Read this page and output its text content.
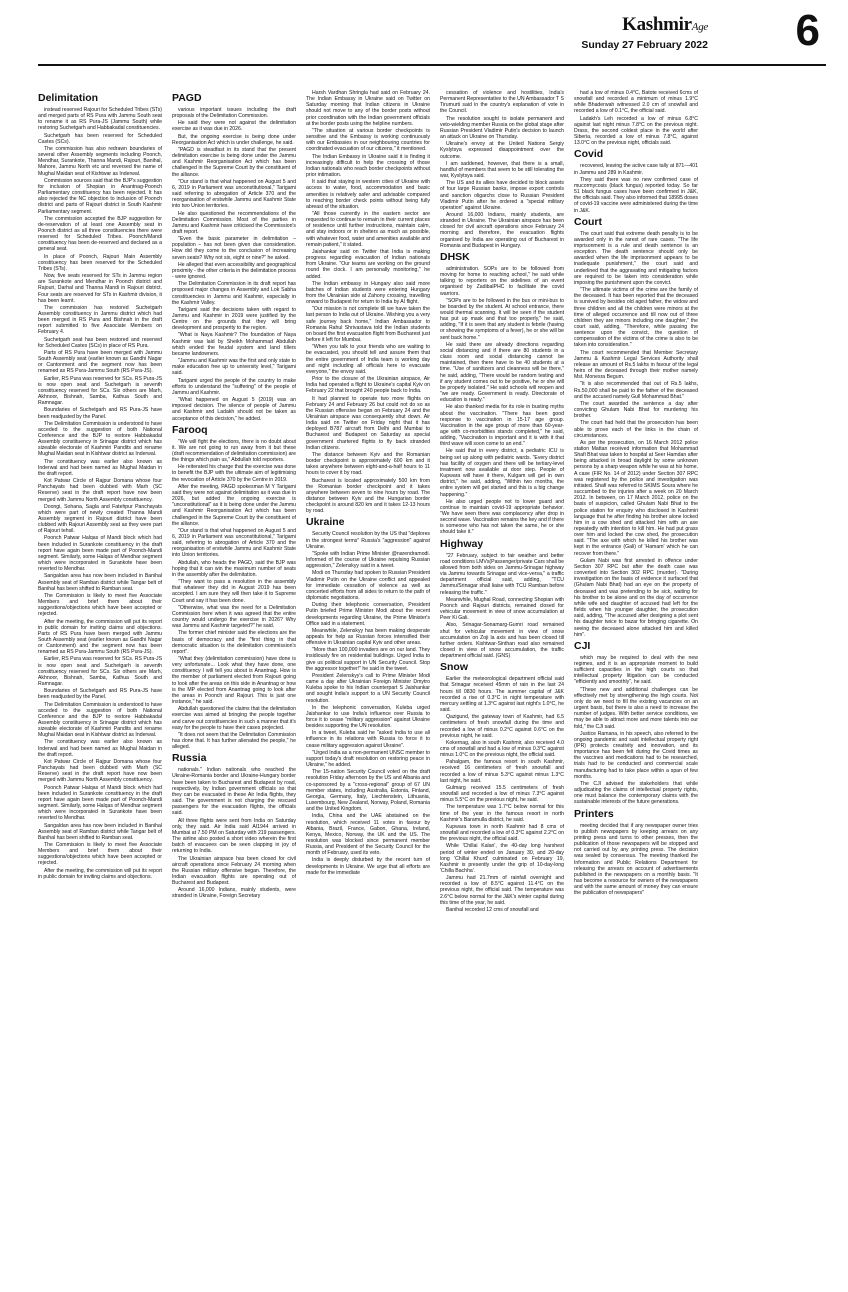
KashmirAge
Sunday 27 February 2022 6
Delimitation

instead reserved Rajouri for Scheduled Tribes (STs) and merged parts of RS Pura with Jammu South seat to rename it as RS Pura-JS (Jammu South) while restoring Suchetgarh and Habbakadal constituencies.

Suchetgarh has been reserved for Scheduled Castes (SCs).

The commission has also redrawn boundaries of several other Assembly segments including Poonch, Mendhar, Surankote, Thanna Mandi, Rajouri, Banihal, Mahore, Jammu North etc and reversed the name of Mughal Maidan seat of Kishtwar as Inderwal.

Commission sources said that the BJP's suggestion for inclusion of Shopian in Anantnag-Poonch Parliamentary constituency has been rejected. It has also rejected the NC objection to inclusion of Poonch district and parts of Rajouri district in South Kashmir Parliamentary segment.

The commission accepted the BJP suggestion for de-reservation of at least one Assembly seat in Poonch district as all three constituencies there were reserved for Scheduled Tribes. Poonch/Mandi constituency has been de-reserved and declared as a general seat.

In place of Poonch, Rajouri Main Assembly constituency has been reserved for the Scheduled Tribes (STs).

Now, five seats reserved for STs in Jammu region are Surankote and Mendhar in Poonch district and Rajouri, Darhal and Thanna Mandi in Rajouri district. Four seats are reserved for STs in Kashmir division, it has been learnt.

The commission has restored Suchetgarh Assembly constituency in Jammu district which had been merged in RS Pura and Bishnah in the draft report submitted to five Associate Members on February 4.

Suchetgarh seat has been restored and reserved for Scheduled Castes (SCs) in place of RS Pura.

Parts of RS Pura have been merged with Jammu South Assembly seat (earlier known as Gandhi Nagar or Cantonment and the segment now has been renamed as RS Pura-Jammu South (RS Pura-JS).

Earlier, RS Pura was reserved for SCs. RS Pura-JS is now open seat and Suchetgarh is seventh constituency reserved for SCs. Six others are Marh, Akhnoor, Bishnah, Samba, Kathua South and Ramnagar.

Boundaries of Suchetgarh and RS Pura-JS have been readjusted by the Panel.

The Delimitation Commission is understood to have acceded to the suggestion of both National Conference and the BJP to restore Habbakadal Assembly constituency in Srinagar district which has sizeable electorate of Kashmiri Pandits and rename Mughal Maidan seat in Kishtwar district as Inderwal.

The constituency was earlier also known as Inderwal and had been named as Mughal Maidan in the draft report.

Kot Patwar Circle of Rajpur Domana whose four Panchayats had been clubbed with Marh (SC Reserve) seat in the draft report have now been merged with Jammu North Assembly constituency.

Doongi, Sohana, Sagla and Fatehpur Panchayats which were part of newly created Thanna Mandi Assembly segment in Rajouri district have been clubbed with Rajouri Assembly seat as they were part of Rajouri tehsil.

Poonch Patwar Halqas of Mandi block which had been included in Surankote constituency in the draft report have again been made part of Poonch-Mandi segment. Similarly, some Halqas of Mendhar segment which were incorporated in Surankote have been reverted to Mendhar.

Sangaldan area has now been included in Banihal Assembly seat of Ramban district while Tangar belt of Banihal has been shifted to Ramban seat.

The Commission is likely to meet five Associate Members and brief them about their suggestions/objections which have been accepted or rejected.

After the meeting, the commission will put its report in public domain for inviting claims and objections. Parts of RS Pura have been merged with Jammu South Assembly seat (earlier known as Gandhi Nagar or Cantonment) and the segment now has been renamed as RS Pura-Jammu South (RS Pura-JS).

Earlier, RS Pura was reserved for SCs. RS Pura-JS is now open seat and Suchetgarh is seventh constituency reserved for SCs. Six others are Marh, Akhnoor, Bishnah, Samba, Kathua South and Ramnagar.

Boundaries of Suchetgarh and RS Pura-JS have been readjusted by the Panel.

The Delimitation Commission is understood to have acceded to the suggestion of both National Conference and the BJP to restore Habbakadal Assembly constituency in Srinagar district which has sizeable electorate of Kashmiri Pandits and rename Mughal Maidan seat in Kishtwar district as Inderwal.

The constituency was earlier also known as Inderwal and had been named as Mughal Maidan in the draft report.

Kot Patwar Circle of Rajpur Domana whose four Panchayats had been clubbed with Marh (SC Reserve) seat in the draft report have now been merged with Jammu North Assembly constituency.

Poonch Patwar Halqas of Mandi block which had been included in Surankote constituency in the draft report have again been made part of Poonch-Mandi segment. Similarly, some Halqas of Mendhar segment which were incorporated in Surankote have been reverted to Mendhar.

Sangaldan area has now been included in Banihal Assembly seat of Ramban district while Tangar belt of Banihal has been shifted to Ramban seat.

The Commission is likely to meet five Associate Members and brief them about their suggestions/objections which have been accepted or rejected.

After the meeting, the commission will put its report in public domain for inviting claims and objections.

PAGD

various important issues including the draft proposals of the Delimitation Commission.

He said they were not against the delimitation exercise as it was due in 2026.

But, the ongoing exercise is being done under Reorganisation Act which is under challenge, he said.

"PAGD is steadfast in its stand that the present delimitation exercise is being done under the Jammu and Kashmir Reorganisation Act which has been challenged in the Supreme Court by the constituent of the alliance.

"Our stand is that what happened on August 5 and 6, 2019 in Parliament was unconstitutional," Tarigami said referring to abrogation of Article 370 and the reorganisation of erstwhile Jammu and Kashmir State into two Union territories.

He also questioned the recommendations of the Delimitation Commission. Most of the parties in Jammu and Kashmir have criticised the Commission's draft report.

"Even the basic parameter in delimitation – population – has not been given due consideration. How did they come to the conclusion of increasing seven seats? Why not six, eight or nine?" he asked.

He alleged that even accessibility and geographical proximity - the other criteria in the delimitation process - were ignored.

The Delimitation Commission in its draft report has proposed major changes in Assembly and Lok Sabha constituencies in Jammu and Kashmir, especially in the Kashmir Valley.

Tarigami said the decisions taken with regard to Jammu and Kashmir in 2019 were justified by the Centre on the grounds that they will bring development and prosperity to the region.

"What is Naya Kashmir? The foundation of Naya Kashmir was laid by Sheikh Mohammad Abdullah which ended the feudal system and land tillers became landowners.

"Jammu and Kashmir was the first and only state to make education free up to university level," Tarigami said.

Tarigami urged the people of the country to make efforts to understand the "suffering" of the people of Jammu and Kashmir.

"What happened on August 5 (2019) was an imposed decision. The silence of people of Jammu and Kashmir and Ladakh should not be taken as acceptance of this decision," he added.

Farooq

"We will fight the elections, there is no doubt about it. We are not going to run away from it but these (draft recommendation of delimitation commission) are the things which pain us," Abdullah told reporters.

He reiterated his charge that the exercise was done to benefit the BJP with the ultimate aim of legitimising the revocation of Article 370 by the Centre in 2019.

After the meeting, PAGD spokesman M Y Tarigami said they were not against delimitation as it was due in 2026, but added the ongoing exercise is "unconstitutional" as it is being done under the Jammu and Kashmir Reorganisation Act which has been challenged in the Supreme Court by the constituent of the alliance.

"Our stand is that what happened on August 5 and 6, 2019 in Parliament was unconstitutional," Tarigami said, referring to abrogation of Article 370 and the reorganisation of erstwhile Jammu and Kashmir State into Union territories.

Abdullah, who heads the PAGD, said the BJP was hoping that it can win the maximum number of seats in the assembly after the delimitation.

"They want to pass a resolution in the assembly that whatever they did in August 2019 has been accepted. I am sure they will then take it to Supreme Court and say it has been done.

"Otherwise, what was the need for a Delimitation Commission here when it was agreed that the entire country would undergo the exercise in 2026? Why was Jammu and Kashmir targeted?" he said.

The former chief minister said the elections are the basis of democracy and the "first thing in that democratic situation is the delimitation commission's report".

"What they (delimitation commission) have done is very unfortunate... Look what they have done, one constituency I will tell you about is Anantnag. How is the member of parliament elected from Rajouri going to look after the areas on this side in Anantnag or how is the MP elected from Anantnag going to look after the areas in Poonch and Rajouri. This is just one instance," he said.

Abdullah questioned the claims that the delimitation exercise was aimed at bringing the people together and carve out constituencies in such a manner that it's easy for the people to have their cases projected.

"It does not seem that the Delimitation Commission has done that. It has further alienated the people," he alleged.

Russia

nationals." Indian nationals who reached the Ukraine-Romania border and Ukraine-Hungary border have been taken to Bucharest and Budapest by road, respectively, by Indian government officials so that they can be evacuated in these Air India flights, they said. The government is not charging the rescued passengers for the evacuation flights, the officials said.

All three flights were sent from India on Saturday only, they said. Air India said AI1944 arrived in Mumbai at 7.50 PM on Saturday with 219 passengers. The airline also posted a short video wherein the first batch of evacuees can be seen clapping in joy of returning to India.

The Ukrainian airspace has been closed for civil aircraft operations since February 24 morning when the Russian military offensive began. Therefore, the Indian evacuation flights are operating out of Bucharest and Budapest.

Around 16,000 Indians, mainly students, were stranded in Ukraine, Foreign Secretary

Harsh Vardhan Shringla had said on February 24. The Indian Embassy in Ukraine said on Twitter on Saturday morning that Indian citizens in Ukraine should not move to any of the border posts without prior coordination with the Indian government officials at the border posts using the helpline numbers.

"The situation at various border checkpoints is sensitive and the Embassy is working continuously with our Embassies in our neighbouring countries for coordinated evacuation of our citizens," it mentioned.

The Indian Embassy in Ukraine said it is finding it increasingly difficult to help the crossing of those Indian nationals who reach border checkpoints without prior intimation.

It said that staying in western cities of Ukraine with access to water, food, accommodation and basic amenities is relatively safer and advisable compared to reaching border check points without being fully abreast of the situation.

"All those currently in the eastern sector are requested to continue to remain in their current places of residence until further instructions, maintain calm, and stay indoors or in shelters as much as possible, with whatever food, water and amenities available and remain patient," it stated.

Jaishankar said on Twitter that India is making progress regarding evacuation of Indian nationals from Ukraine. "Our teams are working on the ground round the clock. I am personally monitoring," he added.

The Indian embassy in Hungary also said more batches of Indian students were entering Hungary from the Ukrainian side at Zahony crossing, travelling onward to Budapest for return to India by AI flight.

"Our mission is not complete till we have taken the last person to India out of Ukraine. Wishing you a very safe journey back home," Indian Ambassador to Romania Rahul Shrivastava told the Indian students on board the first evacuation flight from Bucharest just before it left for Mumbai.

"When you talk to your friends who are waiting to be evacuated, you should tell and assure them that the entire government of India team is working day and night including all officials here to evacuate everyone," the envoy said.

Prior to the closure of the Ukrainian airspace, Air India had operated a flight to Ukraine's capital Kyiv on February 22 that brought 240 people back to India.

It had planned to operate two more flights on February 24 and February 26 but could not do so as the Russian offensive began on February 24 and the Ukrainian airspace was consequently shut down. Air India said on Twitter on Friday night that it has deployed B787 aircraft from Delhi and Mumbai to Bucharest and Budapest on Saturday as special government chartered flights to fly back stranded Indian citizens.

The distance between Kyiv and the Romanian border checkpoint is approximately 600 km and it takes anywhere between eight-and-a-half hours to 11 hours to cover it by road.

Bucharest is located approximately 500 km from the Romanian border checkpoint and it takes anywhere between seven to nine hours by road. The distance between Kyiv and the Hungarian border checkpoint is around 820 km and it takes 12-13 hours by road.

Ukraine

Security Council resolution by the US that "deplores in the strongest terms" Russia's "aggression" against Ukraine.

"Spoke with Indian Prime Minister @narendramodi. Informed of the course of Ukraine repulsing Russian aggression," Zelenskyy said in a tweet.

Modi on Thursday had spoken to Russian President Vladimir Putin on the Ukraine conflict and appealed for immediate cessation of violence as well as concerted efforts from all sides to return to the path of diplomatic negotiations.

During their telephonic conversation, President Putin briefed Prime Minister Modi about the recent developments regarding Ukraine, the Prime Minister's Office said in a statement.

Meanwhile, Zelenskyy has been making desperate appeals for help as Russian forces intensified their offensive in Ukrainian capital Kyiv and other areas.

"More than 100,000 invaders are on our land. They insidiously fire on residential buildings. Urged India to give us political support in UN Security Council. Stop the aggressor together!" he said in the tweet.

President Zelenskyy's call to Prime Minister Modi came a day after Ukrainian Foreign Minister Dmytro Kuleba spoke to his Indian counterpart S Jaishankar and sought India's support to a UN Security Council resolution.

In the telephonic conversation, Kuleba urged Jaishankar to use India's influence over Russia to force it to cease "military aggression" against Ukraine besides supporting the UN resolution.

In a tweet, Kuleba said he "asked India to use all influence in its relations with Russia to force it to cease military aggression against Ukraine".

"Urged India as a non-permanent UNSC member to support today's draft resolution on restoring peace in Ukraine," he added.

The 15-nation Security Council voted on the draft resolution Friday afternoon by the US and Albania and co-sponsored by a "cross-regional" group of 67 UN member states, including Australia, Estonia, Finland, Georgia, Germany, Italy, Liechtenstein, Lithuania, Luxembourg, New Zealand, Norway, Poland, Romania and the United Kingdom.

India, China and the UAE abstained on the resolution, which received 11 votes in favour by Albania, Brazil, France, Gabon, Ghana, Ireland, Kenya, Mexico, Norway, the UK and the US. The resolution was blocked since permanent member Russia, and President of the Security Council for the month of February, used its veto.

India is deeply disturbed by the recent turn of developments in Ukraine. We urge that all efforts are made for the immediate

cessation of violence and hostilities, India's Permanent Representative to the UN Ambassador T S Tirumurti said in the country's explanation of vote in the Council.

The resolution sought to isolate permanent and veto-wielding member Russia on the global stage after Russian President Vladimir Putin's decision to launch an attack on Ukraine on Thursday.

Ukraine's envoy at the United Nations Sergiy Kyslytsya expressed disappointment over the outcome.

I am saddened, however, that there is a small, handful of members that seem to be still tolerating the war, Kyslytsya said.

The US and its allies have decided to block assets of four large Russian banks, impose export controls and sanction oligarchs close to Russian President Vladimir Putin after he ordered a "special military operation" against Ukraine.

Around 16,000 Indians, mainly students, are stranded in Ukraine. The Ukrainian airspace has been closed for civil aircraft operations since February 24 morning and therefore, the evacuation flights organised by India are operating out of Bucharest in Romania and Budapest in Hungary.

DHSK

administration. SOPs are to be followed from moving for home to reaching school," he said while talking to reporters on the sidelines of an event organised by ZadibalPHC to facilitate the covid warriors.

"SOPs are to be followed in the bus or mini-bus to be boarded by the student. At school entrance, there would thermal scanning. It will be seen if the student has put up mask and that too properly," he said, adding, "If it is seen that any student is febrile (having or showing the symptoms of a fever), he or she will be sent back home."

He said there are already directions regarding social distancing and if there are 80 students in a class room and social distancing cannot be maintained, then there have to be 40 students at a time. "Use of sanitizers and cleanness will be there," he said, adding, "There would be random testing and if any student comes out to be positive, he or she will be properly isolated." He said schools will reopen and "we are ready. Government is ready. Directorate of education is ready."

He also thanked media for its role in busting myths about the vaccination. "There has been good response to vaccination in 15-17 age group. Vaccination in the age group of more than 60-year-age with co-morbidities stands completed," he said, adding, "Vaccination is important and it is with it that third wave will soon come to an end."

He said that in every district, a pediatric ICU is being set up along with pediatric wards. "Every district has facility of oxygen and there will be tertiary-level treatment now available at door step. People of Kupwara will have it there, Kulgam will get in own district," he said, adding, "Within two months, the entire system will get started and this is a big change happening."

He also urged people not to lower guard and continue to maintain covid-19 appropriate behavior. "We have seen there was complacency after drop in second wave. Vaccination remains the key and if there is someone who has not taken the same, he or she should take it."

Highway

"27 February, subject to fair weather and better road conditions LMVs(Passenger/private Cars shall be allowed from both sides on Jammu-Srinagar highway via Jammu towards Srinagar and vice-versa," a traffic department official said, adding, "TCU Jammu/Srinagar shall liaise with TCU Ramban before releasing the traffic."

Meanwhile, Mughal Road, connecting Shopian with Poonch and Rajouri districts, remained closed for vehicular movement in view of snow accumulation at Peer Ki Gali.

Also, Srinagar-Sonamarg-Gumri road remained shut for vehicular movement in view of snow accumulation on Zoji la axis and has been closed till further orders. Kishtwar-Sinthan road also remained closed in view of snow accumulation, the traffic department official said. (GNS)

Snow

Earlier the meteorological department official said that Srinagar received 45mm of rain in the last 24 hours till 0830 hours. The summer capital of J&K recorded a rise of 0.3°C in night temperature with mercury settling at 1.3°C against last night's 1.0°C, he said.

Qazigund, the gateway town of Kashmir, had 6.5 centimeters of fresh snowfall during the time and recorded a low of minus 0.2°C against 0.6°C on the previous night, he said.

Kokernag, also in south Kashmir, also received 4.0 cms of snowfall and had a low of minus 0.3°C against minus 1.0°C on the previous night, the official said.

Pahalgam, the famous resort in south Kashmir, received 16 centimeters of fresh snowfall and recorded a low of minus 5.3°C against minus 1.3°C last night, he said.

Gulmarg received 15.5 centimeters of fresh snowfall and recorded a low of minus 7.3°C against minus 5.5°C on the previous night, he said.

The temperature was 1.7°C below normal for this time of the year in the famous resort in north Kashmir's Baramulla district, he said.

Kupwara town in north Kashmir had 8 cms of snowfall and recorded a low of 0.3°C against 2.2°C on the previous night, the official said.

While 'Chillai Kalan', the 40-day long harshest period of winter ended on January 30, and 20-day long 'Chillai Khurd' culminated on February 19, Kashmir is presently under the grip of 10-day-long 'Chilla Bachha'.

Jammu had 21.7mm of rainfall overnight and recorded a low of 8.5°C against 11.4°C on the previous night, the official said. The temperature was 2.6°C below normal for the J&K's winter capital during this time of the year, he said.

Banihal recorded 12 cms of snowfall and

had a low of minus 0.4°C, Batote received 6cms of snowfall and recorded a minimum of minus 1.9°C while Bhaderwah witnessed 2.0 cm of snowfall and recorded a low of 0.1°C, the official said.

Ladakh's Leh recorded a low of minus 6.8°C against last night minus 7.8°C on the previous night. Drass, the second coldest place in the world after Siberia, recorded a low of minus 7.8°C, against 13.0°C on the previous night, officials said.

Covid

recovered, leaving the active case tally at 871—401 in Jammu and 289 in Kashmir.

They said there was no new confirmed case of mucormycosis (black fungus) reported today. So far 51 black fungus cases have been confirmed in J&K, the officials said. They also informed that 18995 doses of covid-19 vaccine were administered during the time in J&K.

Court

The court said that extreme death penalty is to be awarded only in the rarest of rare cases. "The life imprisonment is a rule and death sentence is an exception. The death sentence should only be awarded when the life imprisonment appears to be inadequate punishment," the court said and underlined that the aggravating and mitigating factors are required to be taken into consideration while imposing the punishment upon the convict.

"The ultimate victims of the crime are the family of the deceased. It has been reported that the deceased is survived by besides old aged father, the widow and three children and all the children were minors at the time of alleged occurrence and till now out of three children they are minors including one daughter," the court said, adding, "Therefore, while passing the sentence upon the convict, the question of compensation of the victims of the crime is also to be taken into consideration."

The court recommended that Member Secretary Jammu & Kashmir Legal Services Authority shall release an amount of Rs.5 lakhs in favour of the legal heirs of the deceased through their mother namely Mst. Monesra Begum.

"It is also recommended that out of Rs.5 lakhs, Rs.50,000 shall be paid to the father of the deceased and the accused namely Gull Mohammad Bhat."

The court awarded the sentence a day after convicting Ghulam Nabi Bhat for murdering his brother.

The court had held that the prosecution has been able to prove each of the links in the chain of circumstances.

As per the prosecution, on 16 March 2012 police station Mattan received information that Mohammad Shafi Bhat was taken to hospital at Seer Hamdan after being attacked in broad daylight by some unknown persons by a sharp weapon while he was at his home. A case (FIR No. 14 of 2012) under Section 307 RPC was registered by the police and investigation was initiated. Shafi was referred to SKIMS Soura where he succumbed to the injuries after a week on 20 March 2012. In between, on 17 March 2012, police on the basis of suspicion, called Ghulam Nabi Bhat to the police station for enquiry who disclosed in Kashmiri language that he after finding his brother alone locked him in a cow shed and attacked him with an axe repeatedly with intention to kill him. He had put grass over him and locked the cow shed, the prosecution said. "The axe with which he killed his brother was kept in the entrance (Gali) of 'Hamam' which he can recover from there."

Gulam Nabi was first arrested in offence under Section 307 RPC but after the death case was converted into Section 302 RPC (murder). "During investigation on the basis of evidence it surfaced that (Ghulam Nabi Bhat) had an eye on the property of deceased and was pretending to be sick, waiting for his brother to be alone and on the day of occurrence while wife and daughter of accused had left for the fields when his younger daughter, the prosecution said, adding, "The accused after designing a plot sent his daughter twice to bazar for bringing cigarette. On seeing the deceased alone attacked him and killed him".

CJI

which may be required to deal with the new regimes, and it is an appropriate moment to build sufficient capacities in the high courts so that intellectual property litigation can be conducted "efficiently and smoothly", he said.

"These new and additional challenges can be effectively met by strengthening the high courts. Not only do we need to fill the existing vacancies on an urgent basis, but there is also a need to increase the number of judges. With better service conditions, we may be able to attract more and more talents into our fold," the CJI said.

Justice Ramana, in his speech, also referred to the ongoing pandemic and said intellectual property right (IPR) protects creativity and innovation, and its importance has been felt during the Covid times as the vaccines and medications had to be researched, trials had to be conducted and commercial scale manufacturing had to take place within a span of few months.

The CJI advised the stakeholders that while adjudicating the claims of intellectual property rights, one must balance the contemporary claims with the sustainable interests of the future generations.

Printers

meeting decided that if any newspaper owner tries to publish newspapers by keeping arrears on any printing press and turns to other presses, then the publication of those newspapers will be stopped and not carried out by any printing press. The decision was sealed by consensus. The meeting thanked the Information and Public Relations Department for releasing the arrears on account of advertisements published in the newspapers on a monthly basis. "It has become a resource for owners of the newspapers and with the same amount of money they can ensure the publication of newspapers"
